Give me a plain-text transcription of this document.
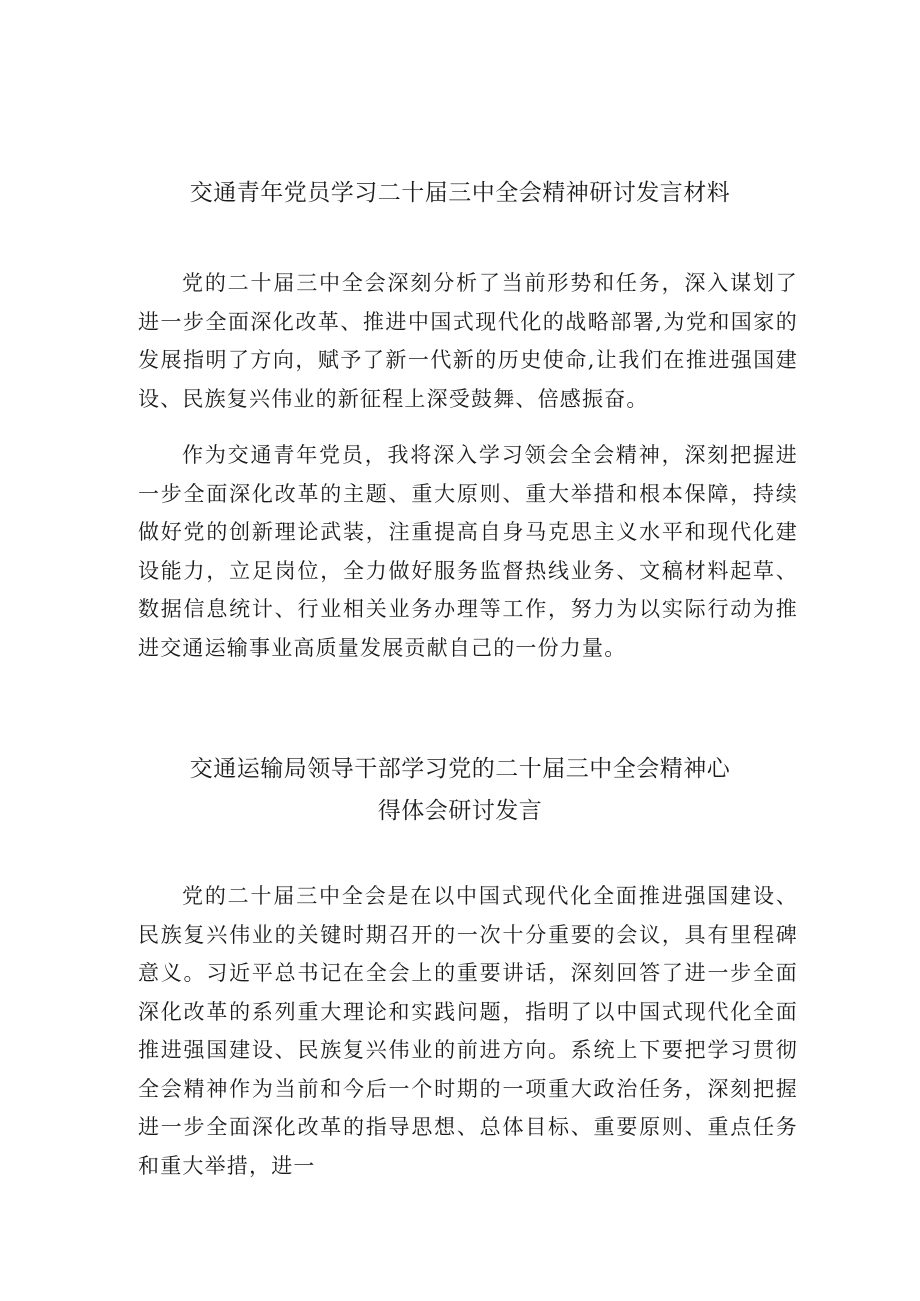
交通青年党员学习二十届三中全会精神研讨发言材料

党的二十届三中全会深刻分析了当前形势和任务，深入谋划了进一步全面深化改革、推进中国式现代化的战略部署,为党和国家的发展指明了方向，赋予了新一代新的历史使命,让我们在推进强国建设、民族复兴伟业的新征程上深受鼓舞、倍感振奋。

作为交通青年党员，我将深入学习领会全会精神，深刻把握进一步全面深化改革的主题、重大原则、重大举措和根本保障，持续做好党的创新理论武装，注重提高自身马克思主义水平和现代化建设能力，立足岗位，全力做好服务监督热线业务、文稿材料起草、数据信息统计、行业相关业务办理等工作，努力为以实际行动为推进交通运输事业高质量发展贡献自己的一份力量。

交通运输局领导干部学习党的二十届三中全会精神心
得体会研讨发言

党的二十届三中全会是在以中国式现代化全面推进强国建设、民族复兴伟业的关键时期召开的一次十分重要的会议，具有里程碑意义。习近平总书记在全会上的重要讲话，深刻回答了进一步全面深化改革的系列重大理论和实践问题，指明了以中国式现代化全面推进强国建设、民族复兴伟业的前进方向。系统上下要把学习贯彻全会精神作为当前和今后一个时期的一项重大政治任务，深刻把握进一步全面深化改革的指导思想、总体目标、重要原则、重点任务和重大举措，进一
